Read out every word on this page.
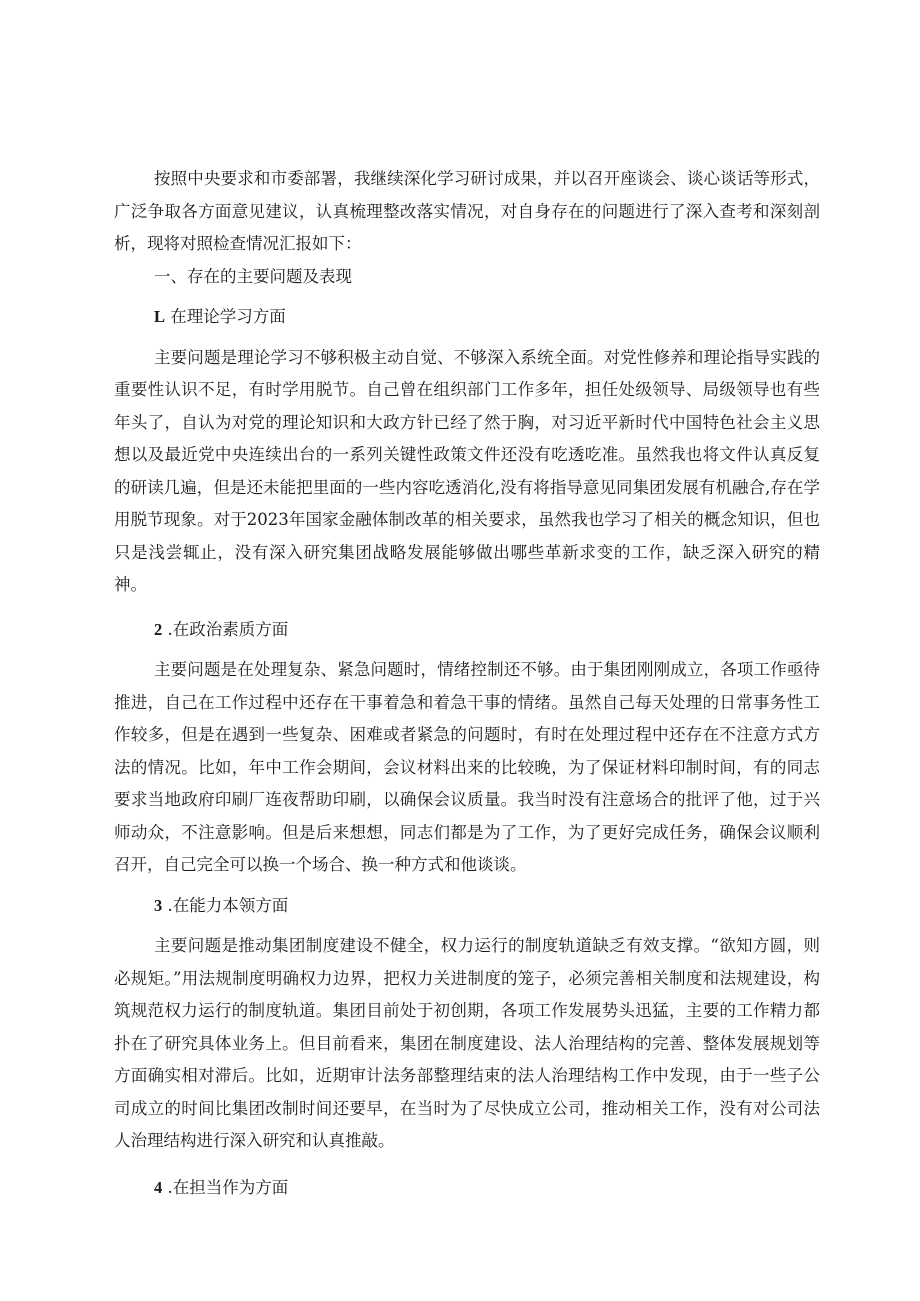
按照中央要求和市委部署，我继续深化学习研讨成果，并以召开座谈会、谈心谈话等形式，广泛争取各方面意见建议，认真梳理整改落实情况，对自身存在的问题进行了深入查考和深刻剖析，现将对照检查情况汇报如下：

一、存在的主要问题及表现

L 在理论学习方面

主要问题是理论学习不够积极主动自觉、不够深入系统全面。对党性修养和理论指导实践的重要性认识不足，有时学用脱节。自己曾在组织部门工作多年，担任处级领导、局级领导也有些年头了，自认为对党的理论知识和大政方针已经了然于胸，对习近平新时代中国特色社会主义思想以及最近党中央连续出台的一系列关键性政策文件还没有吃透吃准。虽然我也将文件认真反复的研读几遍，但是还未能把里面的一些内容吃透消化,没有将指导意见同集团发展有机融合,存在学用脱节现象。对于2023年国家金融体制改革的相关要求，虽然我也学习了相关的概念知识，但也只是浅尝辄止，没有深入研究集团战略发展能够做出哪些革新求变的工作，缺乏深入研究的精神。

2 .在政治素质方面

主要问题是在处理复杂、紧急问题时，情绪控制还不够。由于集团刚刚成立，各项工作亟待推进，自己在工作过程中还存在干事着急和着急干事的情绪。虽然自己每天处理的日常事务性工作较多，但是在遇到一些复杂、困难或者紧急的问题时，有时在处理过程中还存在不注意方式方法的情况。比如，年中工作会期间，会议材料出来的比较晚，为了保证材料印制时间，有的同志要求当地政府印刷厂连夜帮助印刷，以确保会议质量。我当时没有注意场合的批评了他，过于兴师动众，不注意影响。但是后来想想，同志们都是为了工作，为了更好完成任务，确保会议顺利召开，自己完全可以换一个场合、换一种方式和他谈谈。

3 .在能力本领方面

主要问题是推动集团制度建设不健全，权力运行的制度轨道缺乏有效支撑。“欲知方圆，则必规矩。”用法规制度明确权力边界，把权力关进制度的笼子，必须完善相关制度和法规建设，构筑规范权力运行的制度轨道。集团目前处于初创期，各项工作发展势头迅猛，主要的工作精力都扑在了研究具体业务上。但目前看来，集团在制度建设、法人治理结构的完善、整体发展规划等方面确实相对滞后。比如，近期审计法务部整理结束的法人治理结构工作中发现，由于一些子公司成立的时间比集团改制时间还要早，在当时为了尽快成立公司，推动相关工作，没有对公司法人治理结构进行深入研究和认真推敲。

4 .在担当作为方面
